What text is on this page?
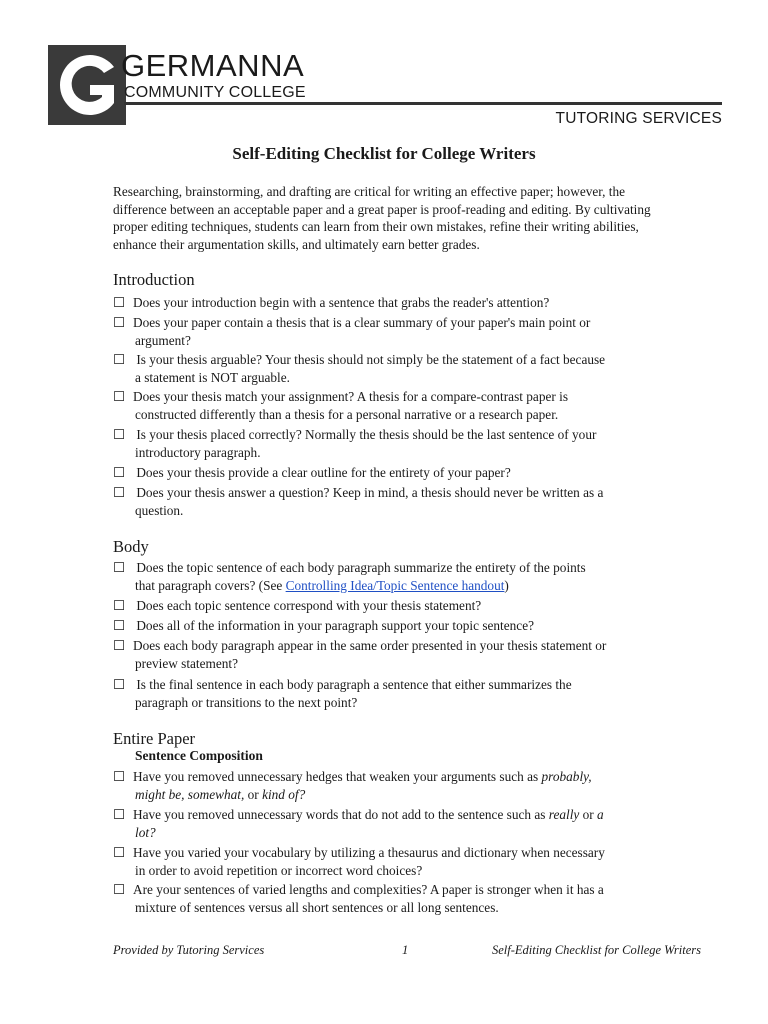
GERMANNA
COMMUNITY COLLEGE
TUTORING SERVICES
Self-Editing Checklist for College Writers
Researching, brainstorming, and drafting are critical for writing an effective paper; however, the difference between an acceptable paper and a great paper is proof-reading and editing. By cultivating proper editing techniques, students can learn from their own mistakes, refine their writing abilities, enhance their argumentation skills, and ultimately earn better grades.
Introduction
☐ Does your introduction begin with a sentence that grabs the reader's attention?
☐ Does your paper contain a thesis that is a clear summary of your paper's main point or
argument?
☐ Is your thesis arguable? Your thesis should not simply be the statement of a fact because
a statement is NOT arguable.
☐ Does your thesis match your assignment? A thesis for a compare-contrast paper is
constructed differently than a thesis for a personal narrative or a research paper.
☐ Is your thesis placed correctly? Normally the thesis should be the last sentence of your
introductory paragraph.
☐ Does your thesis provide a clear outline for the entirety of your paper?
☐ Does your thesis answer a question? Keep in mind, a thesis should never be written as a
question.
Body
☐ Does the topic sentence of each body paragraph summarize the entirety of the points
that paragraph covers? (See Controlling Idea/Topic Sentence handout)
☐ Does each topic sentence correspond with your thesis statement?
☐ Does all of the information in your paragraph support your topic sentence?
☐ Does each body paragraph appear in the same order presented in your thesis statement or
preview statement?
☐ Is the final sentence in each body paragraph a sentence that either summarizes the
paragraph or transitions to the next point?
Entire Paper
Sentence Composition
☐ Have you removed unnecessary hedges that weaken your arguments such as probably,
might be, somewhat, or kind of?
☐ Have you removed unnecessary words that do not add to the sentence such as really or a
lot?
☐ Have you varied your vocabulary by utilizing a thesaurus and dictionary when necessary
in order to avoid repetition or incorrect word choices?
☐ Are your sentences of varied lengths and complexities? A paper is stronger when it has a
mixture of sentences versus all short sentences or all long sentences.
Provided by Tutoring Services	1	Self-Editing Checklist for College Writers
